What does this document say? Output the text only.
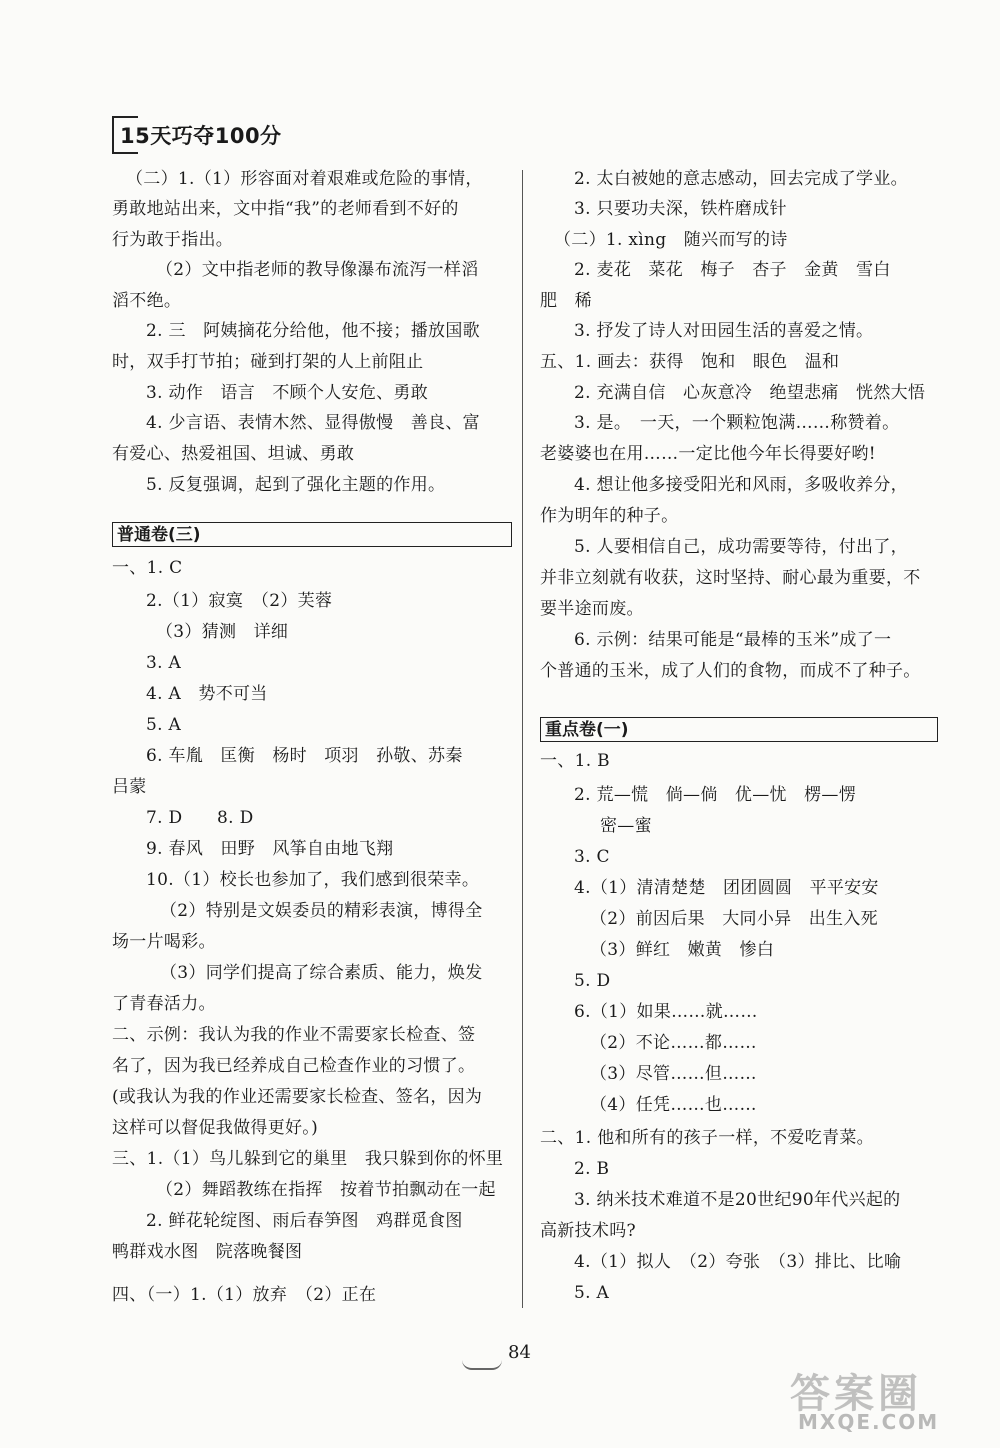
15天巧夺100分
（二）1.（1）形容面对着艰难或危险的事情，
勇敢地站出来，文中指“我”的老师看到不好的
行为敢于指出。
（2）文中指老师的教导像瀑布流泻一样滔
滔不绝。
2. 三　阿姨摘花分给他，他不接；播放国歌
时，双手打节拍；碰到打架的人上前阻止
3. 动作　语言　不顾个人安危、勇敢
4. 少言语、表情木然、显得傲慢　善良、富
有爱心、热爱祖国、坦诚、勇敢
5. 反复强调，起到了强化主题的作用。
普通卷(三)
一、1. C
2.（1）寂寞　（2）芙蓉
（3）猜测　详细
3. A
4. A　势不可当
5. A
6. 车胤　匡衡　杨时　项羽　孙敬、苏秦
吕蒙
7. D　　8. D
9. 春风　田野　风筝自由地飞翔
10.（1）校长也参加了，我们感到很荣幸。
（2）特别是文娱委员的精彩表演，博得全
场一片喝彩。
（3）同学们提高了综合素质、能力，焕发
了青春活力。
二、示例：我认为我的作业不需要家长检查、签
名了，因为我已经养成自己检查作业的习惯了。
(或我认为我的作业还需要家长检查、签名，因为
这样可以督促我做得更好。)
三、1.（1）鸟儿躲到它的巢里　我只躲到你的怀里
（2）舞蹈教练在指挥　按着节拍飘动在一起
2. 鲜花轮绽图、雨后春笋图　鸡群觅食图
鸭群戏水图　院落晚餐图
四、（一）1.（1）放弃　（2）正在
2. 太白被她的意志感动，回去完成了学业。
3. 只要功夫深，铁杵磨成针
（二）1. xìng　随兴而写的诗
2. 麦花　菜花　梅子　杏子　金黄　雪白
肥　稀
3. 抒发了诗人对田园生活的喜爱之情。
五、1. 画去：获得　饱和　眼色　温和
2. 充满自信　心灰意冷　绝望悲痛　恍然大悟
3. 是。　一天，一个颗粒饱满……称赞着。
老婆婆也在用……一定比他今年长得要好哟!
4. 想让他多接受阳光和风雨，多吸收养分，
作为明年的种子。
5. 人要相信自己，成功需要等待，付出了，
并非立刻就有收获，这时坚持、耐心最为重要，不
要半途而废。
6. 示例：结果可能是“最棒的玉米”成了一
个普通的玉米，成了人们的食物，而成不了种子。
重点卷(一)
一、1. B
2. 荒—慌　倘—倘　优—忧　楞—愣
密—蜜
3. C
4.（1）清清楚楚　团团圆圆　平平安安
（2）前因后果　大同小异　出生入死
（3）鲜红　嫩黄　惨白
5. D
6.（1）如果……就……
（2）不论……都……
（3）尽管……但……
（4）任凭……也……
二、1. 他和所有的孩子一样，不爱吃青菜。
2. B
3. 纳米技术难道不是20世纪90年代兴起的
高新技术吗?
4.（1）拟人　（2）夸张　（3）排比、比喻
5. A
84
答案圈
MXQE.COM
